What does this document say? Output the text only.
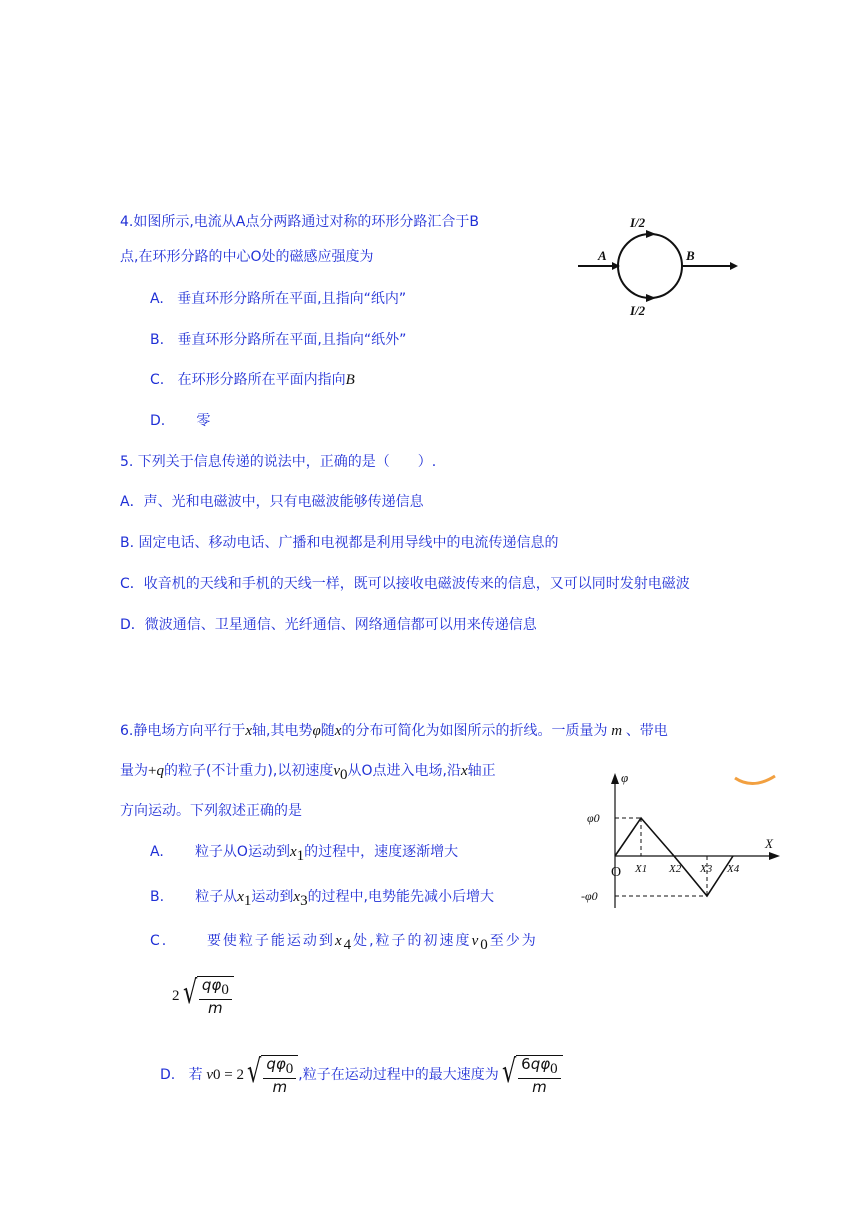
4.如图所示,电流从A点分两路通过对称的环形分路汇合于B
点,在环形分路的中心O处的磁感应强度为
A. 垂直环形分路所在平面,且指向“纸内”
B. 垂直环形分路所在平面,且指向“纸外”
C. 在环形分路所在平面内指向B
D. 零
I/2
I/2
A	B
5. 下列关于信息传递的说法中，正确的是（　　）.
A．声、光和电磁波中，只有电磁波能够传递信息
B. 固定电话、移动电话、广播和电视都是利用导线中的电流传递信息的
C．收音机的天线和手机的天线一样，既可以接收电磁波传来的信息，又可以同时发射电磁波
D．微波通信、卫星通信、光纤通信、网络通信都可以用来传递信息
6.静电场方向平行于x轴,其电势φ随x的分布可简化为如图所示的折线。一质量为 m 、带电
量为+q的粒子(不计重力),以初速度$v_0$从O点进入电场,沿x轴正
方向运动。下列叙述正确的是
A. 粒子从O运动到$x_1$的过程中，速度逐渐增大
B. 粒子从$x_1$运动到$x_3$的过程中,电势能先减小后增大
C.	要使粒子能运动到$x_4$处,粒子的初速度$v_0$至少为
2 √ $\frac{q\varphi_0}{m}$
D.
若 v 0 = 2 √ $\frac{q\varphi_0}{m}$ ,粒子在运动过程中的最大速度为 √ $\frac{6q\varphi_0}{m}$
φ
X
φ0
-φ0
O X1 X2 X3 X4
